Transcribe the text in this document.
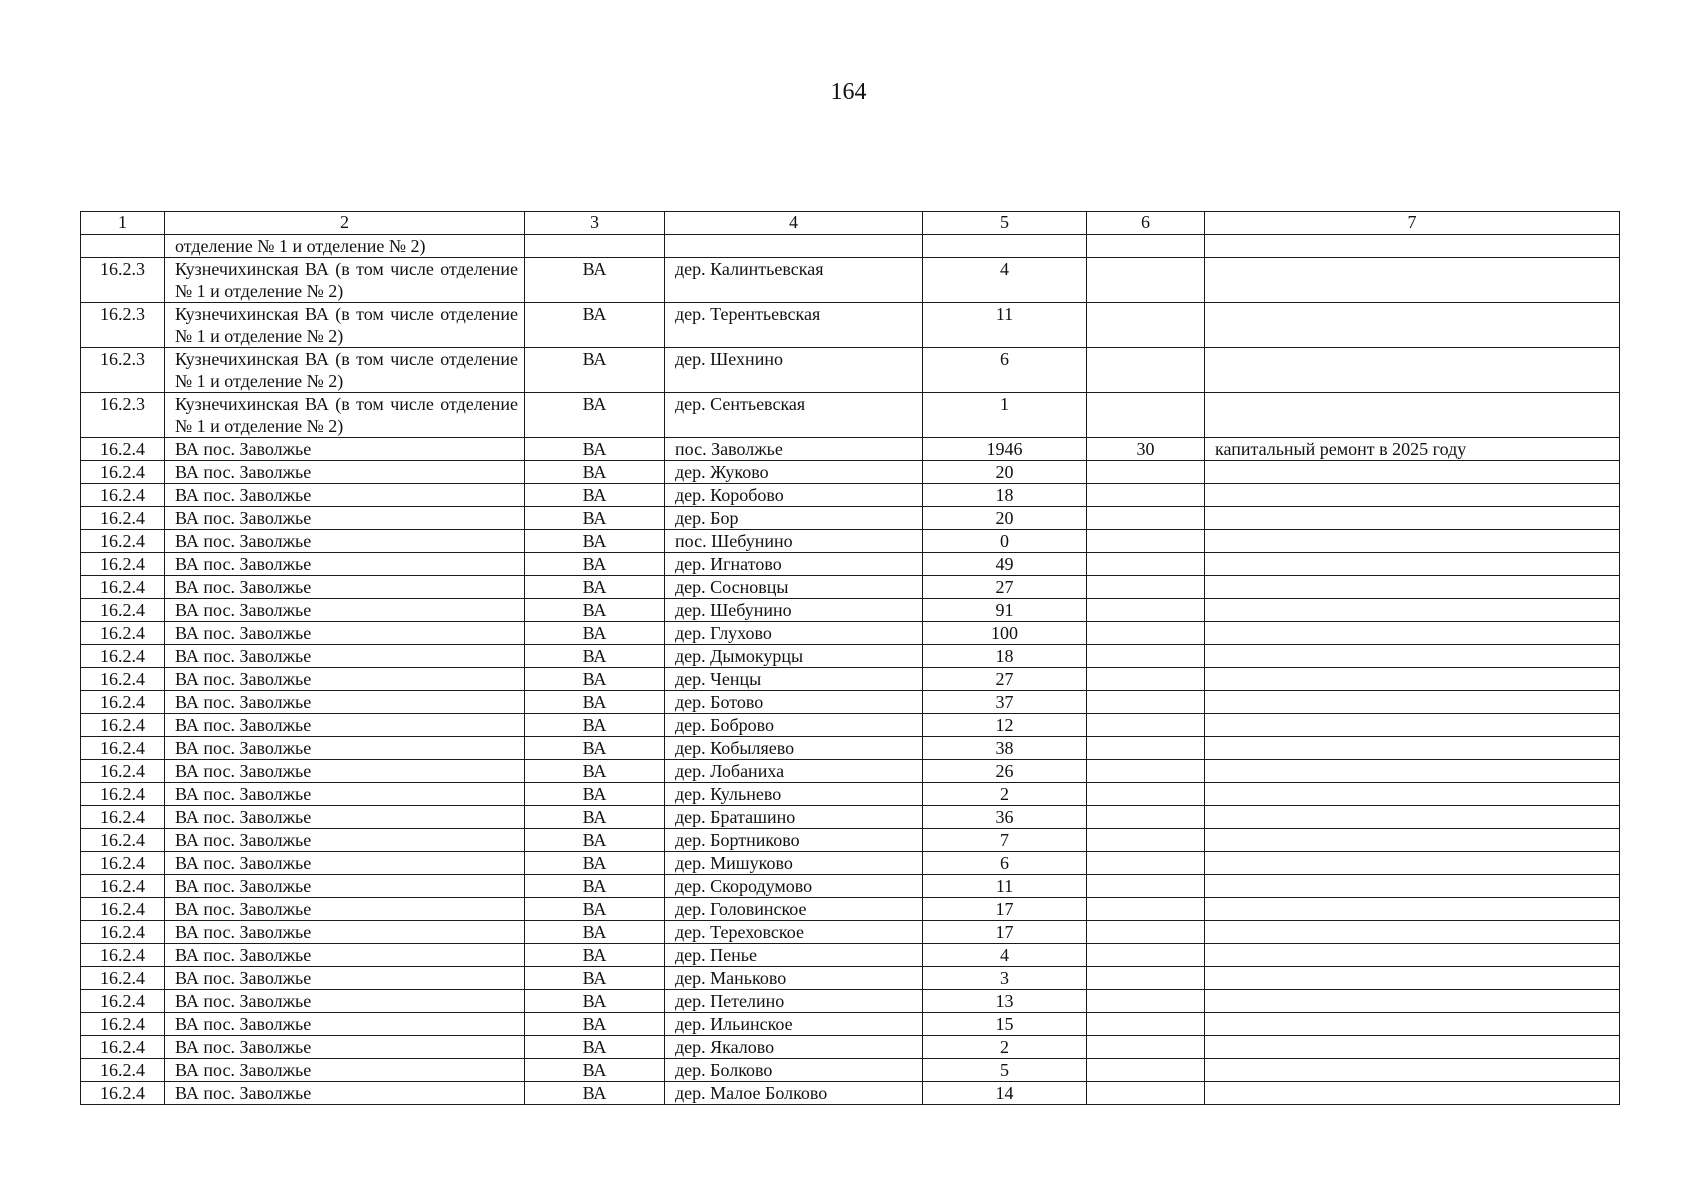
164
1	2	3	4	5	6	7
	отделение № 1 и отделение № 2)					
16.2.3	Кузнечихинская ВА (в том числе отделение № 1 и отделение № 2)	ВА	дер. Калинтьевская	4		
16.2.3	Кузнечихинская ВА (в том числе отделение № 1 и отделение № 2)	ВА	дер. Терентьевская	11		
16.2.3	Кузнечихинская ВА (в том числе отделение № 1 и отделение № 2)	ВА	дер. Шехнино	6		
16.2.3	Кузнечихинская ВА (в том числе отделение № 1 и отделение № 2)	ВА	дер. Сентьевская	1		
16.2.4	ВА пос. Заволжье	ВА	пос. Заволжье	1946	30	капитальный ремонт в 2025 году
16.2.4	ВА пос. Заволжье	ВА	дер. Жуково	20		
16.2.4	ВА пос. Заволжье	ВА	дер. Коробово	18		
16.2.4	ВА пос. Заволжье	ВА	дер. Бор	20		
16.2.4	ВА пос. Заволжье	ВА	пос. Шебунино	0		
16.2.4	ВА пос. Заволжье	ВА	дер. Игнатово	49		
16.2.4	ВА пос. Заволжье	ВА	дер. Сосновцы	27		
16.2.4	ВА пос. Заволжье	ВА	дер. Шебунино	91		
16.2.4	ВА пос. Заволжье	ВА	дер. Глухово	100		
16.2.4	ВА пос. Заволжье	ВА	дер. Дымокурцы	18		
16.2.4	ВА пос. Заволжье	ВА	дер. Ченцы	27		
16.2.4	ВА пос. Заволжье	ВА	дер. Ботово	37		
16.2.4	ВА пос. Заволжье	ВА	дер. Боброво	12		
16.2.4	ВА пос. Заволжье	ВА	дер. Кобыляево	38		
16.2.4	ВА пос. Заволжье	ВА	дер. Лобаниха	26		
16.2.4	ВА пос. Заволжье	ВА	дер. Кульнево	2		
16.2.4	ВА пос. Заволжье	ВА	дер. Браташино	36		
16.2.4	ВА пос. Заволжье	ВА	дер. Бортниково	7		
16.2.4	ВА пос. Заволжье	ВА	дер. Мишуково	6		
16.2.4	ВА пос. Заволжье	ВА	дер. Скородумово	11		
16.2.4	ВА пос. Заволжье	ВА	дер. Головинское	17		
16.2.4	ВА пос. Заволжье	ВА	дер. Тереховское	17		
16.2.4	ВА пос. Заволжье	ВА	дер. Пенье	4		
16.2.4	ВА пос. Заволжье	ВА	дер. Маньково	3		
16.2.4	ВА пос. Заволжье	ВА	дер. Петелино	13		
16.2.4	ВА пос. Заволжье	ВА	дер. Ильинское	15		
16.2.4	ВА пос. Заволжье	ВА	дер. Якалово	2		
16.2.4	ВА пос. Заволжье	ВА	дер. Болково	5		
16.2.4	ВА пос. Заволжье	ВА	дер. Малое Болково	14		
